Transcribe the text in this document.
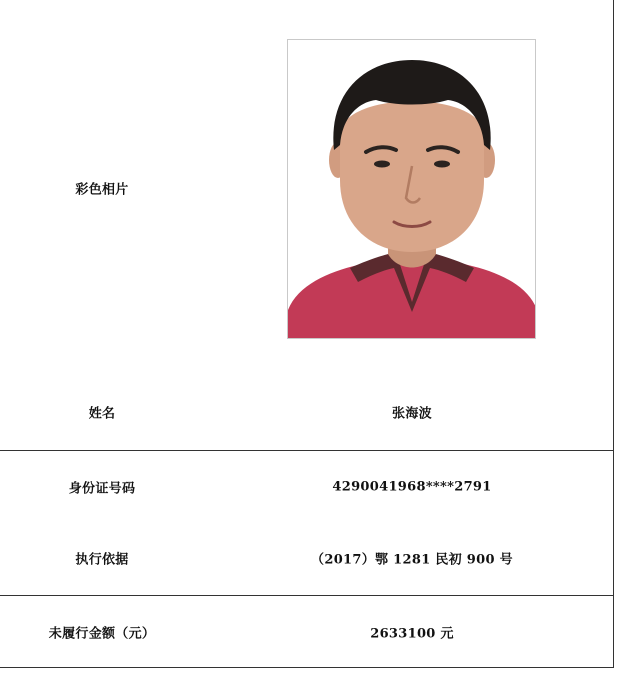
彩色相片
姓名	张海波
身份证号码	4290041968****2791
执行依据	（2017）鄂 1281 民初 900 号
未履行金额（元）	2633100 元
